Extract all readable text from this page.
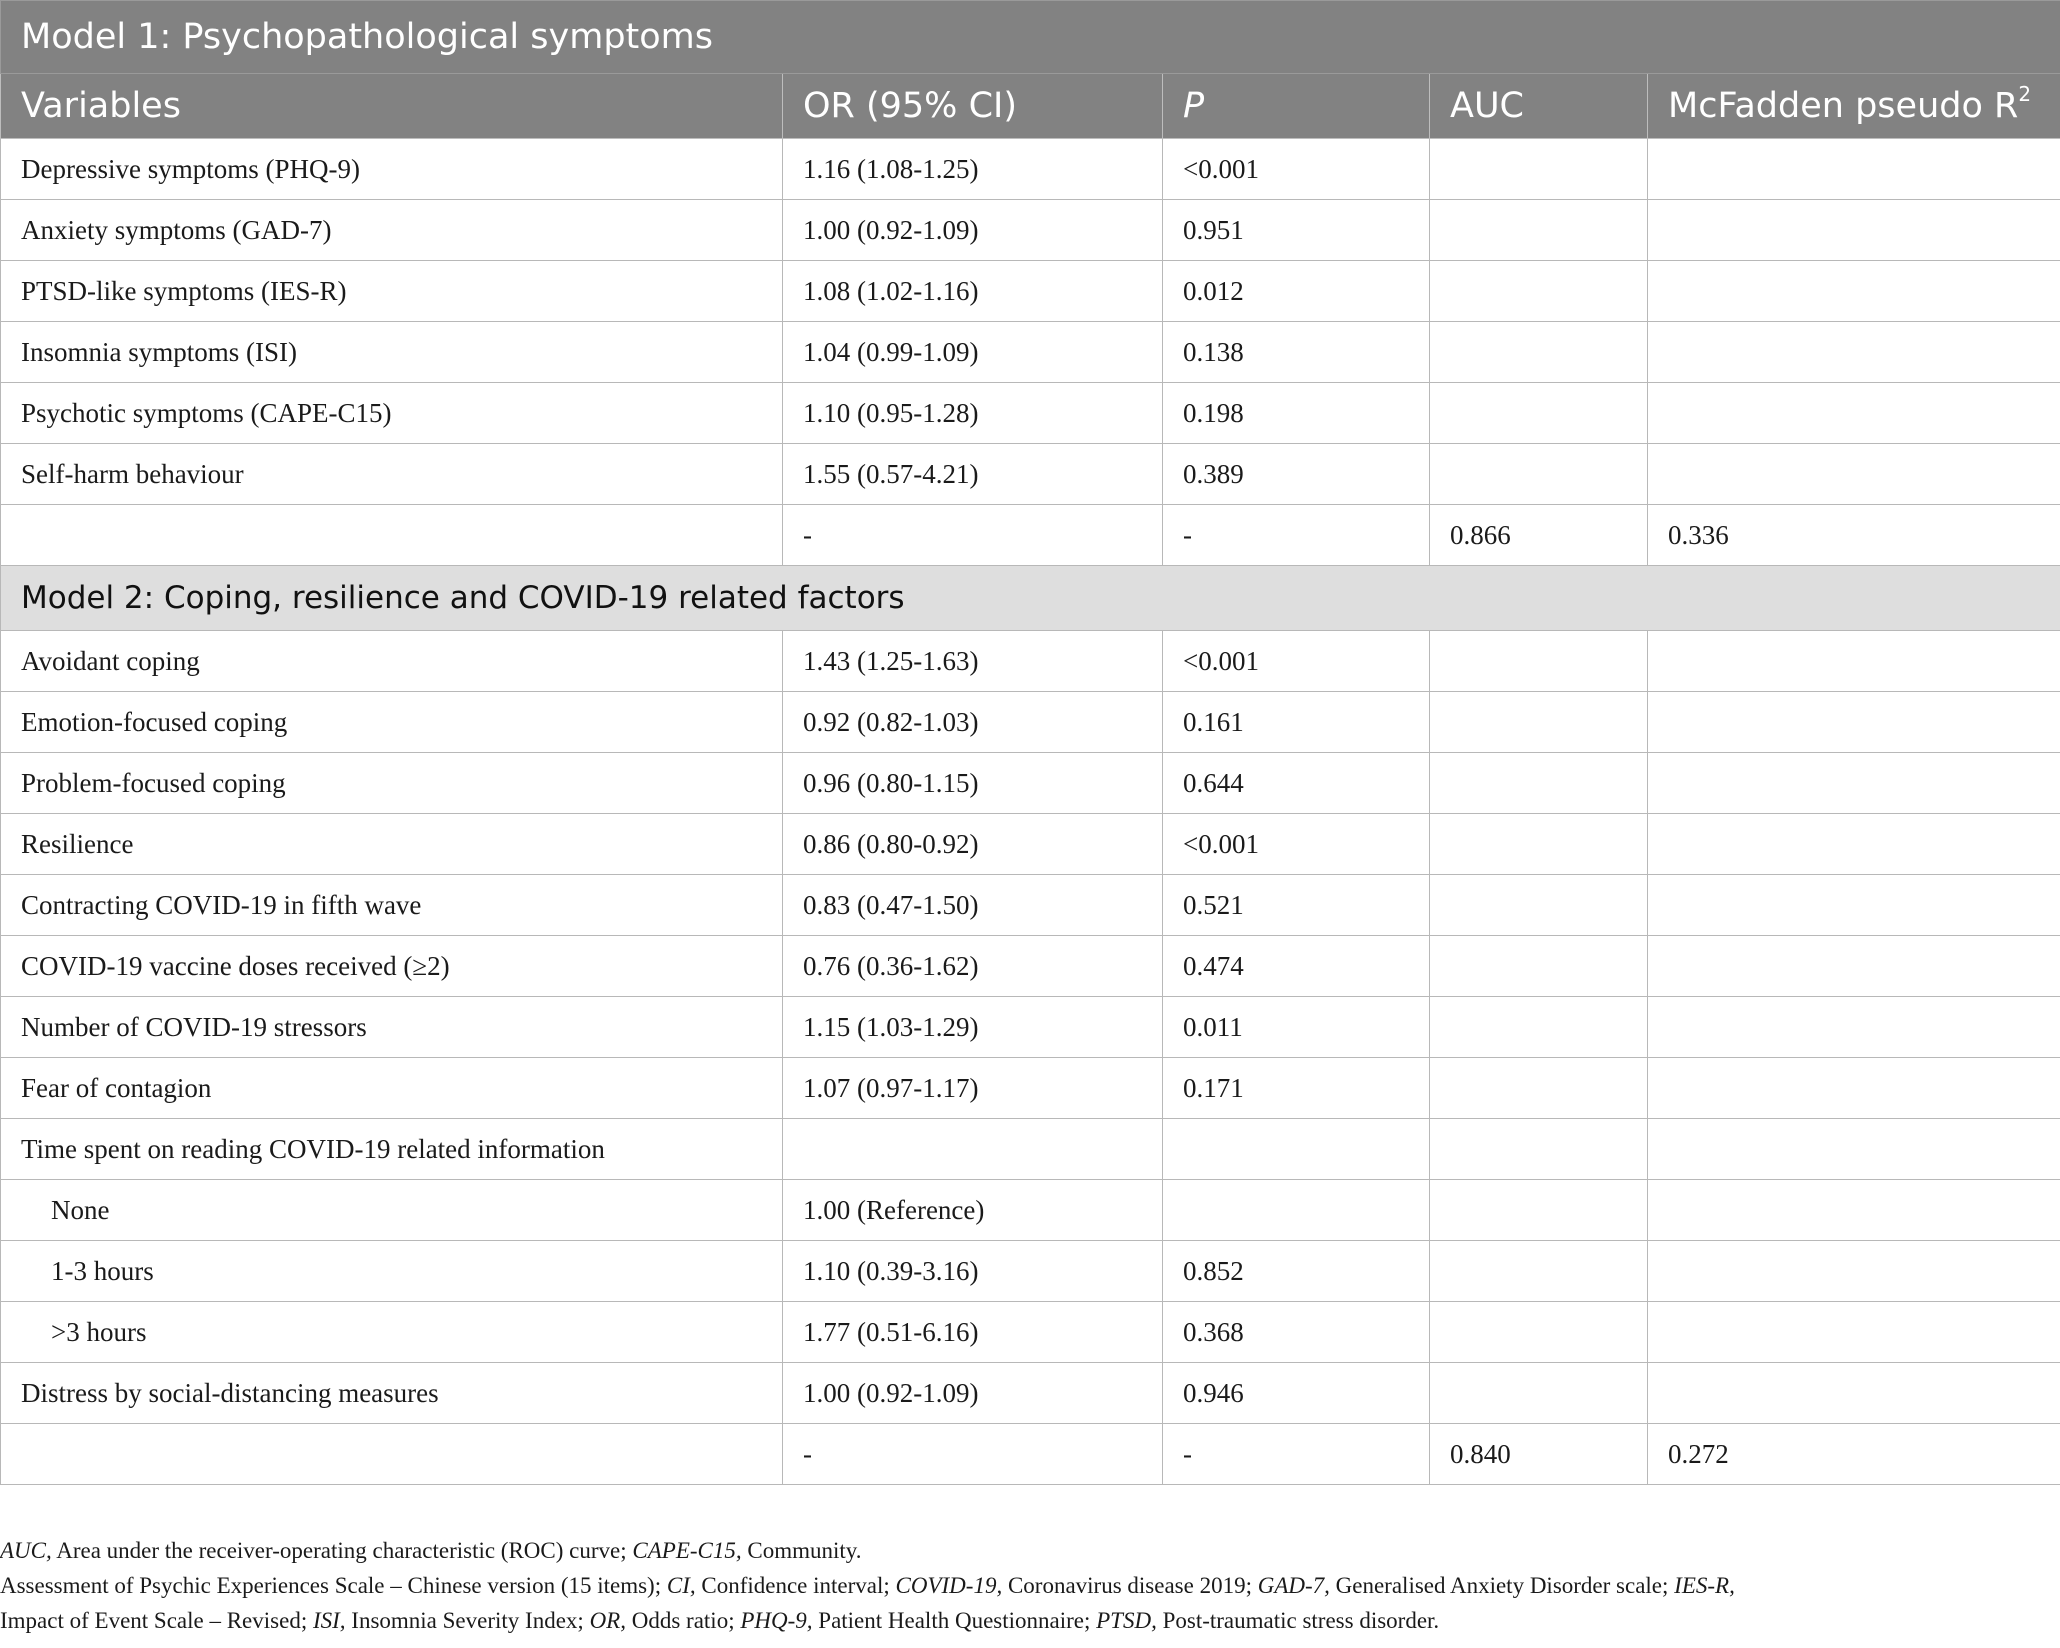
Model 1: Psychopathological symptoms				
Variables	OR (95% CI)	P	AUC	McFadden pseudo $R^2$
Depressive symptoms (PHQ-9)	1.16 (1.08-1.25)	<0.001		
Anxiety symptoms (GAD-7)	1.00 (0.92-1.09)	0.951		
PTSD-like symptoms (IES-R)	1.08 (1.02-1.16)	0.012		
Insomnia symptoms (ISI)	1.04 (0.99-1.09)	0.138		
Psychotic symptoms (CAPE-C15)	1.10 (0.95-1.28)	0.198		
Self-harm behaviour	1.55 (0.57-4.21)	0.389		
	-	-	0.866	0.336
Model 2: Coping, resilience and COVID-19 related factors				
Avoidant coping	1.43 (1.25-1.63)	<0.001		
Emotion-focused coping	0.92 (0.82-1.03)	0.161		
Problem-focused coping	0.96 (0.80-1.15)	0.644		
Resilience	0.86 (0.80-0.92)	<0.001		
Contracting COVID-19 in fifth wave	0.83 (0.47-1.50)	0.521		
COVID-19 vaccine doses received (≥2)	0.76 (0.36-1.62)	0.474		
Number of COVID-19 stressors	1.15 (1.03-1.29)	0.011		
Fear of contagion	1.07 (0.97-1.17)	0.171		
Time spent on reading COVID-19 related information				
None	1.00 (Reference)			
1-3 hours	1.10 (0.39-3.16)	0.852		
>3 hours	1.77 (0.51-6.16)	0.368		
Distress by social-distancing measures	1.00 (0.92-1.09)	0.946		
	-	-	0.840	0.272
AUC, Area under the receiver-operating characteristic (ROC) curve; CAPE-C15, Community.
Assessment of Psychic Experiences Scale – Chinese version (15 items); CI, Confidence interval; COVID-19, Coronavirus disease 2019; GAD-7, Generalised Anxiety Disorder scale; IES-R,
Impact of Event Scale – Revised; ISI, Insomnia Severity Index; OR, Odds ratio; PHQ-9, Patient Health Questionnaire; PTSD, Post-traumatic stress disorder.
